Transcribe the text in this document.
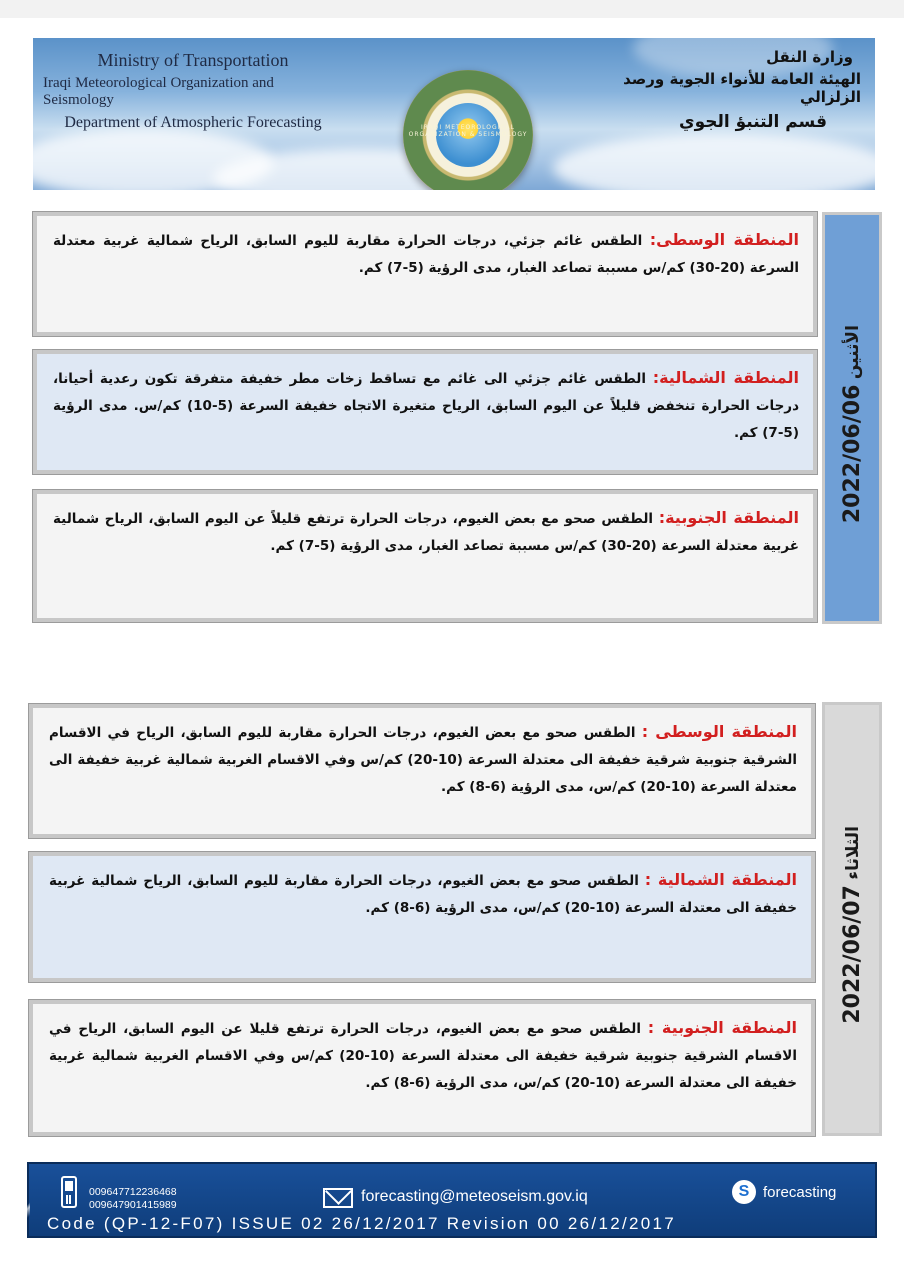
Ministry of Transportation
Iraqi Meteorological Organization and Seismology
Department of Atmospheric Forecasting	IRAQI METEOROLOGICAL ORGANIZATION & SEISMOLOGY
وزارة النقل
الهيئة العامة للأنواء الجوية ورصد الزلزالي
قسم التنبؤ الجوي
2022/06/06 الأثنين
المنطقة الوسطى: الطقس غائم جزئي، درجات الحرارة مقاربة لليوم السابق، الرياح شمالية غربية معتدلة السرعة (20-30) كم/س مسببة تصاعد الغبار، مدى الرؤية (5-7) كم.
المنطقة الشمالية: الطقس غائم جزئي الى غائم مع تساقط زخات مطر خفيفة متفرقة تكون رعدية أحيانا، درجات الحرارة تنخفض قليلاً عن اليوم السابق، الرياح متغيرة الاتجاه خفيفة السرعة (5-10) كم/س. مدى الرؤية (5-7) كم.
المنطقة الجنوبية: الطقس صحو مع بعض الغيوم، درجات الحرارة ترتفع قليلاً عن اليوم السابق، الرياح شمالية غربية معتدلة السرعة (20-30) كم/س مسببة تصاعد الغبار، مدى الرؤية (5-7) كم.
2022/06/07 الثلاثاء
المنطقة الوسطى : الطقس صحو مع بعض الغيوم، درجات الحرارة مقاربة لليوم السابق، الرياح في الاقسام الشرقية جنوبية شرقية خفيفة الى معتدلة السرعة (10-20) كم/س وفي الاقسام الغربية شمالية غربية خفيفة الى معتدلة السرعة (10-20) كم/س، مدى الرؤية (6-8) كم.
المنطقة الشمالية : الطقس صحو مع بعض الغيوم، درجات الحرارة مقاربة لليوم السابق، الرياح شمالية غربية خفيفة الى معتدلة السرعة (10-20) كم/س، مدى الرؤية (6-8) كم.
المنطقة الجنوبية : الطقس صحو مع بعض الغيوم، درجات الحرارة ترتفع قليلا عن اليوم السابق، الرياح في الاقسام الشرقية جنوبية شرقية خفيفة الى معتدلة السرعة (10-20) كم/س وفي الاقسام الغربية شمالية غربية خفيفة الى معتدلة السرعة (10-20) كم/س، مدى الرؤية (6-8) كم.
009647712236468
009647901415989	forecasting@meteoseism.gov.iq	S forecasting
Code (QP-12-F07) ISSUE 02 26/12/2017 Revision 00 26/12/2017
